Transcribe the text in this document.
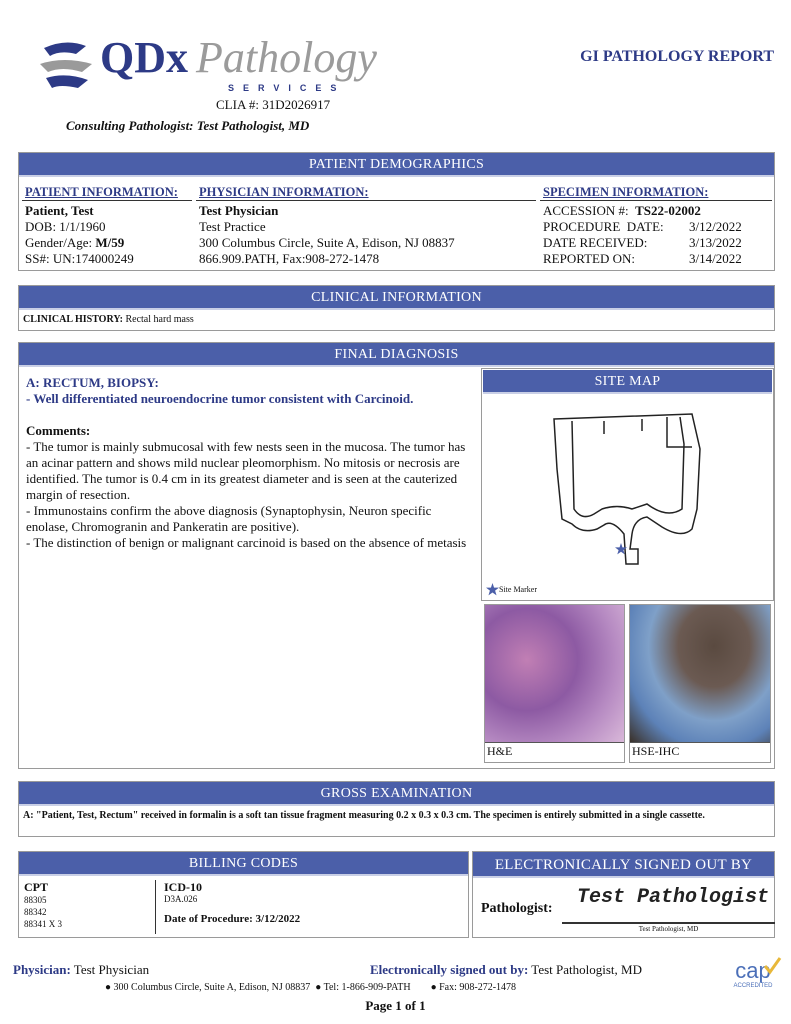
QDx Pathology
SERVICES
CLIA #: 31D2026917
Consulting Pathologist: Test Pathologist, MD
GI PATHOLOGY REPORT
PATIENT DEMOGRAPHICS
PATIENT INFORMATION:
Patient, Test
DOB: 1/1/1960
Gender/Age: M/59
SS#: UN:174000249
PHYSICIAN INFORMATION:
Test Physician
Test Practice
300 Columbus Circle, Suite A, Edison, NJ 08837
866.909.PATH, Fax:908-272-1478
SPECIMEN INFORMATION:
ACCESSION #: TS22-02002
PROCEDURE  DATE:	3/12/2022
DATE RECEIVED:	3/13/2022
REPORTED ON:	3/14/2022
CLINICAL INFORMATION
CLINICAL HISTORY: Rectal hard mass
FINAL DIAGNOSIS
A: RECTUM, BIOPSY:
- Well differentiated neuroendocrine tumor consistent with Carcinoid.
Comments:
- The tumor is mainly submucosal with few nests seen in the mucosa. The tumor has an acinar pattern and shows mild nuclear pleomorphism. No mitosis or necrosis are identified. The tumor is 0.4 cm in its greatest diameter and is seen at the cauterized margin of resection.
- Immunostains confirm the above diagnosis (Synaptophysin, Neuron specific enolase, Chromogranin and Pankeratin are positive).
- The distinction of benign or malignant carcinoid is based on the absence of metasis
SITE MAP
Site Marker
H&E	HSE-IHC
GROSS EXAMINATION
A: "Patient, Test, Rectum" received in formalin is a soft tan tissue fragment measuring 0.2 x 0.3 x 0.3 cm. The specimen is entirely submitted in a single cassette.
BILLING CODES
CPT
88305
88342
88341 X 3
ICD-10
D3A.026
Date of Procedure: 3/12/2022
ELECTRONICALLY SIGNED OUT BY
Pathologist: Test Pathologist
Test Pathologist, MD
Physician: Test Physician	Electronically signed out by: Test Pathologist, MD
● 300 Columbus Circle, Suite A, Edison, NJ 08837  ● Tel: 1-866-909-PATH        ● Fax: 908-272-1478
Page 1 of 1
cap
ACCREDITED
